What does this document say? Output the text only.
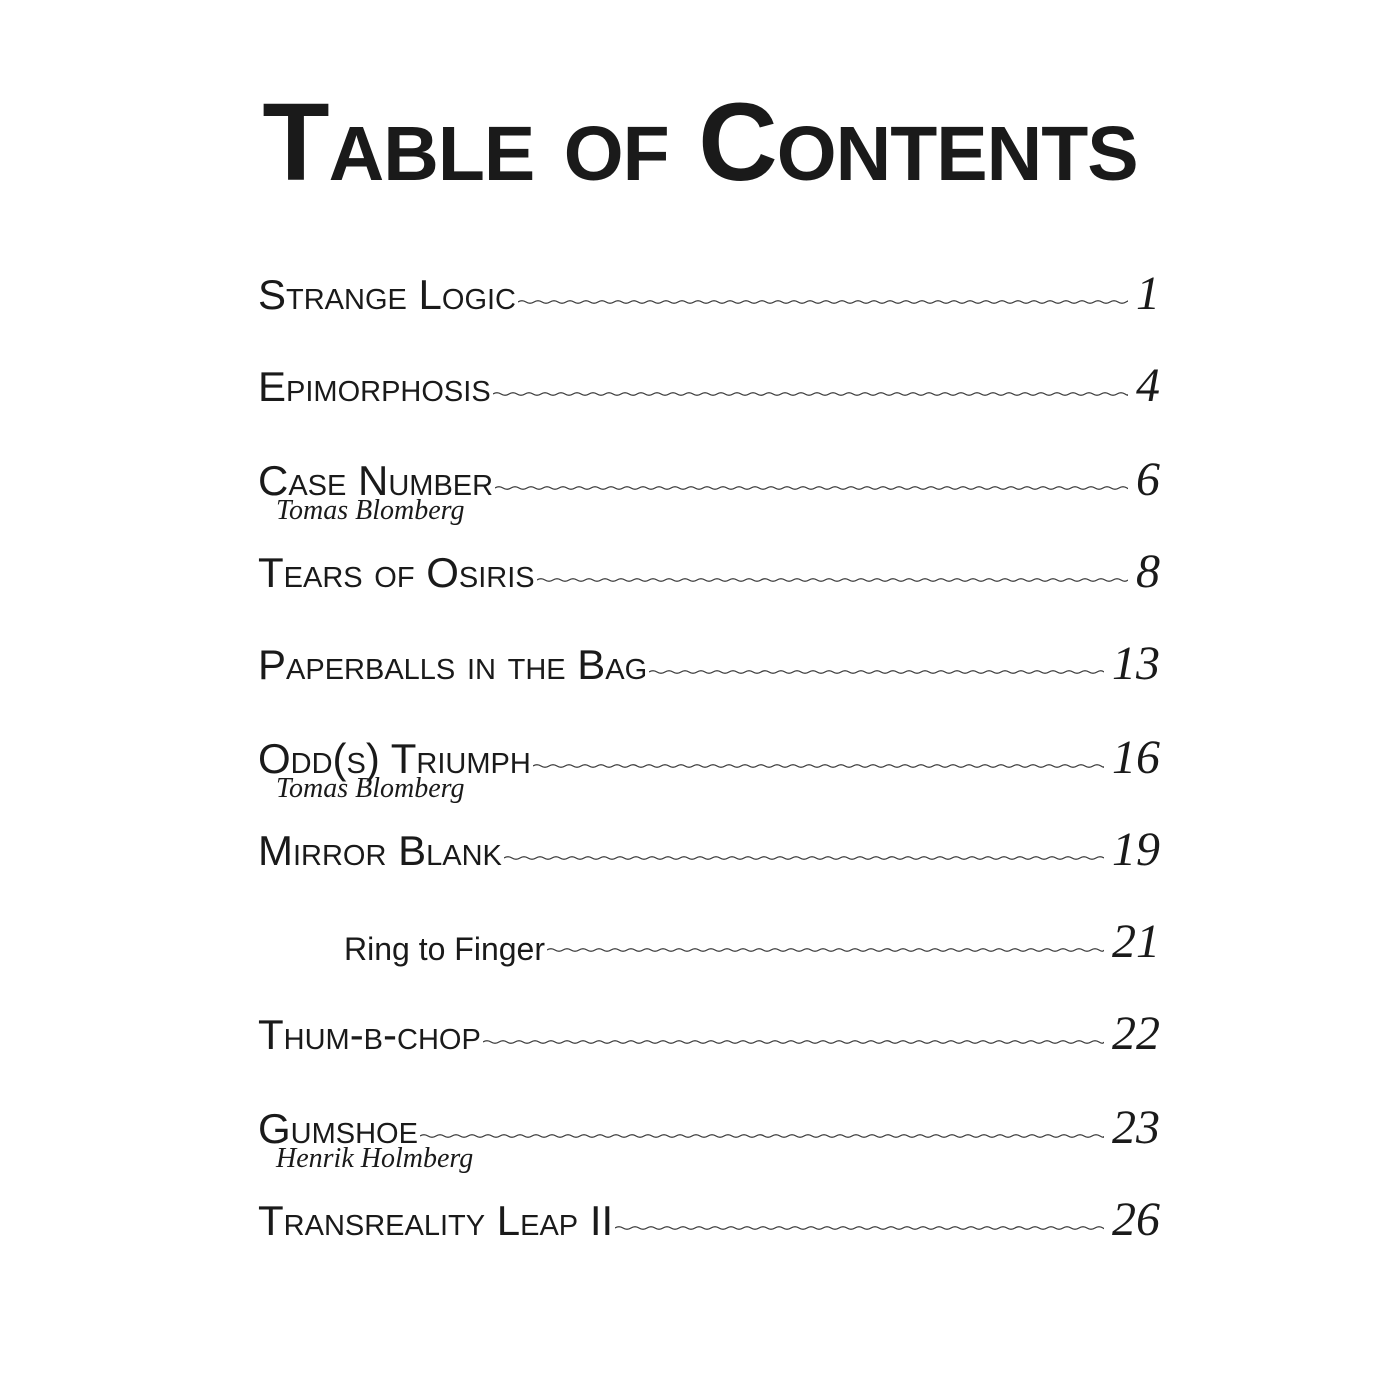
Table of Contents
Strange Logic	1
Epimorphosis	4
Case Number	6
Tomas Blomberg
Tears of Osiris	8
Paperballs in the Bag	13
Odd(s) Triumph	16
Tomas Blomberg
Mirror Blank	19
Ring to Finger	21
Thum-b-chop	22
Gumshoe	23
Henrik Holmberg
Transreality Leap II	26
